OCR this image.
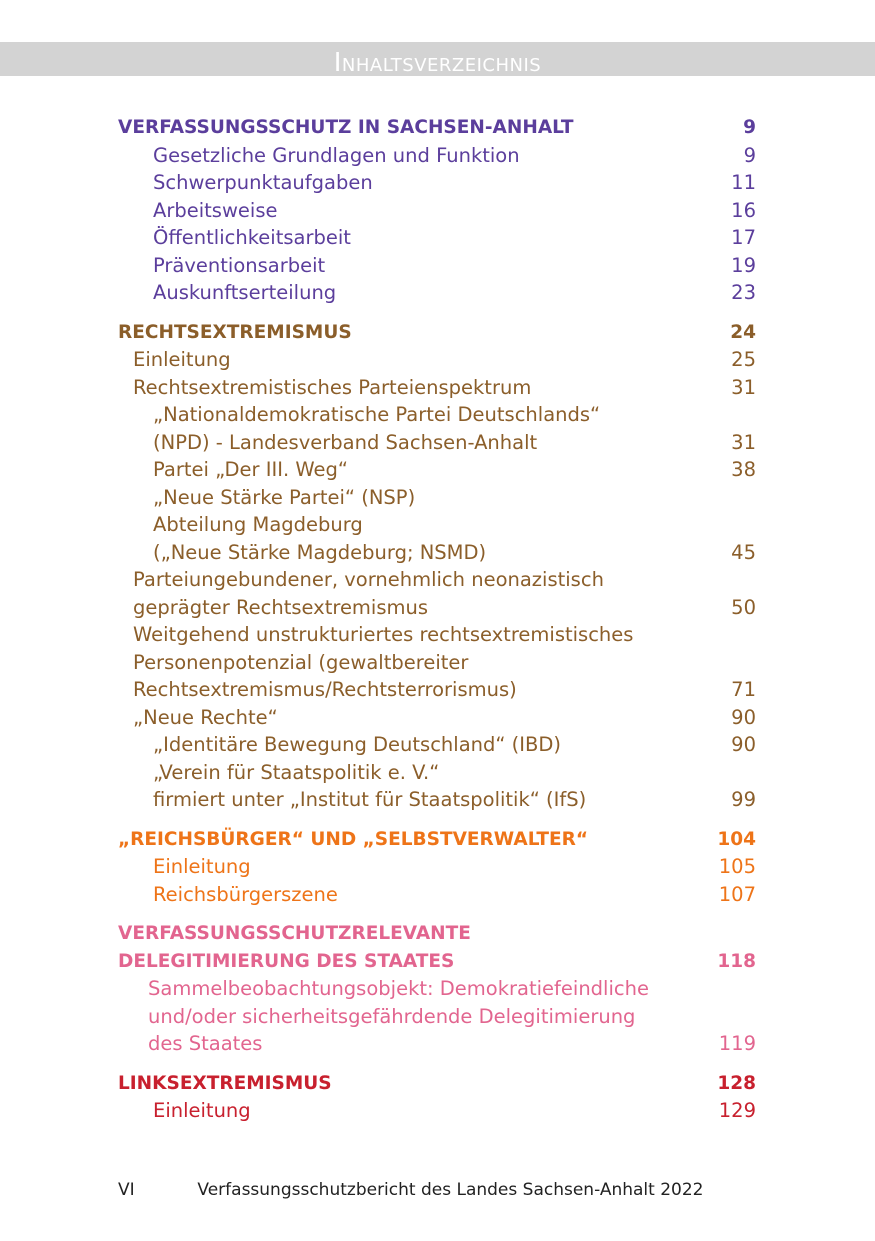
Inhaltsverzeichnis
VERFASSUNGSSCHUTZ IN SACHSEN-ANHALT	9
Gesetzliche Grundlagen und Funktion	9
Schwerpunktaufgaben	11
Arbeitsweise	16
Öffentlichkeitsarbeit	17
Präventionsarbeit	19
Auskunftserteilung	23
RECHTSEXTREMISMUS	24
Einleitung	25
Rechtsextremistisches Parteienspektrum	31
„Nationaldemokratische Partei Deutschlands“
(NPD) - Landesverband Sachsen-Anhalt	31
Partei „Der III. Weg“	38
„Neue Stärke Partei“ (NSP)
Abteilung Magdeburg
(„Neue Stärke Magdeburg; NSMD)	45
Parteiungebundener, vornehmlich neonazistisch
geprägter Rechtsextremismus	50
Weitgehend unstrukturiertes rechtsextremistisches
Personenpotenzial (gewaltbereiter
Rechtsextremismus/Rechtsterrorismus)	71
„Neue Rechte“	90
„Identitäre Bewegung Deutschland“ (IBD)	90
„Verein für Staatspolitik e. V.“
firmiert unter „Institut für Staatspolitik“ (IfS)	99
„REICHSBÜRGER“ UND „SELBSTVERWALTER“	104
Einleitung	105
Reichsbürgerszene	107
VERFASSUNGSSCHUTZRELEVANTE
DELEGITIMIERUNG DES STAATES	118
Sammelbeobachtungsobjekt: Demokratiefeindliche
und/oder sicherheitsgefährdende Delegitimierung
des Staates	119
LINKSEXTREMISMUS	128
Einleitung	129
VI	Verfassungsschutzbericht des Landes Sachsen-Anhalt 2022
